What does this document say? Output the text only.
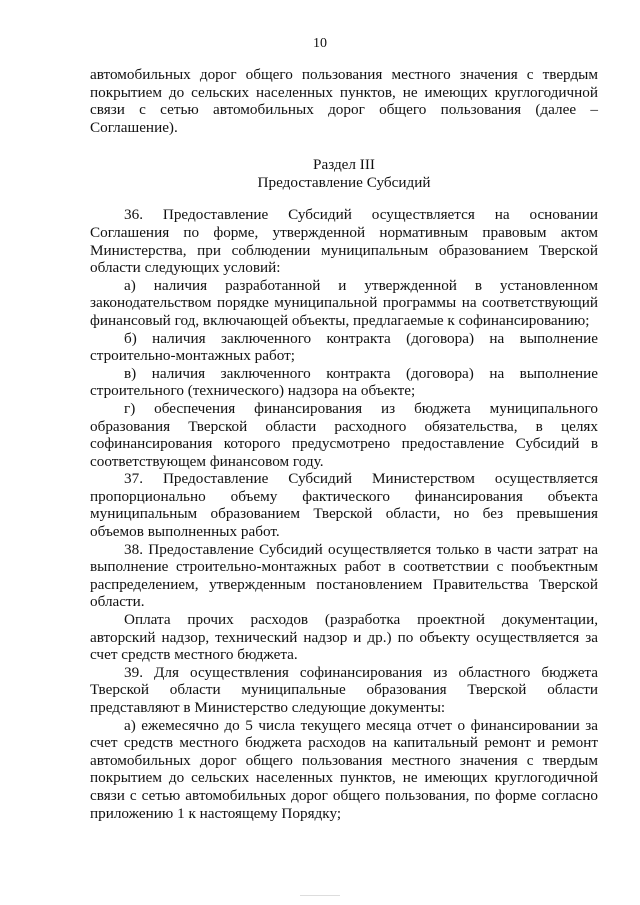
10

автомобильных дорог общего пользования местного значения с твердым покрытием до сельских населенных пунктов, не имеющих круглогодичной связи с сетью автомобильных дорог общего пользования (далее – Соглашение).

Раздел III
Предоставление Субсидий

36. Предоставление Субсидий осуществляется на основании Соглашения по форме, утвержденной нормативным правовым актом Министерства, при соблюдении муниципальным образованием Тверской области следующих условий:

а) наличия разработанной и утвержденной в установленном законодательством порядке муниципальной программы на соответствующий финансовый год, включающей объекты, предлагаемые к софинансированию;

б) наличия заключенного контракта (договора) на выполнение строительно-монтажных работ;

в) наличия заключенного контракта (договора) на выполнение строительного (технического) надзора на объекте;

г) обеспечения финансирования из бюджета муниципального образования Тверской области расходного обязательства, в целях софинансирования которого предусмотрено предоставление Субсидий в соответствующем финансовом году.

37. Предоставление Субсидий Министерством осуществляется пропорционально объему фактического финансирования объекта муниципальным образованием Тверской области, но без превышения объемов выполненных работ.

38. Предоставление Субсидий осуществляется только в части затрат на выполнение строительно-монтажных работ в соответствии с пообъектным распределением, утвержденным постановлением Правительства Тверской области.

Оплата прочих расходов (разработка проектной документации, авторский надзор, технический надзор и др.) по объекту осуществляется за счет средств местного бюджета.

39. Для осуществления софинансирования из областного бюджета Тверской области муниципальные образования Тверской области представляют в Министерство следующие документы:

а) ежемесячно до 5 числа текущего месяца отчет о финансировании за счет средств местного бюджета расходов на капитальный ремонт и ремонт автомобильных дорог общего пользования местного значения с твердым покрытием до сельских населенных пунктов, не имеющих круглогодичной связи с сетью автомобильных дорог общего пользования, по форме согласно приложению 1 к настоящему Порядку;
